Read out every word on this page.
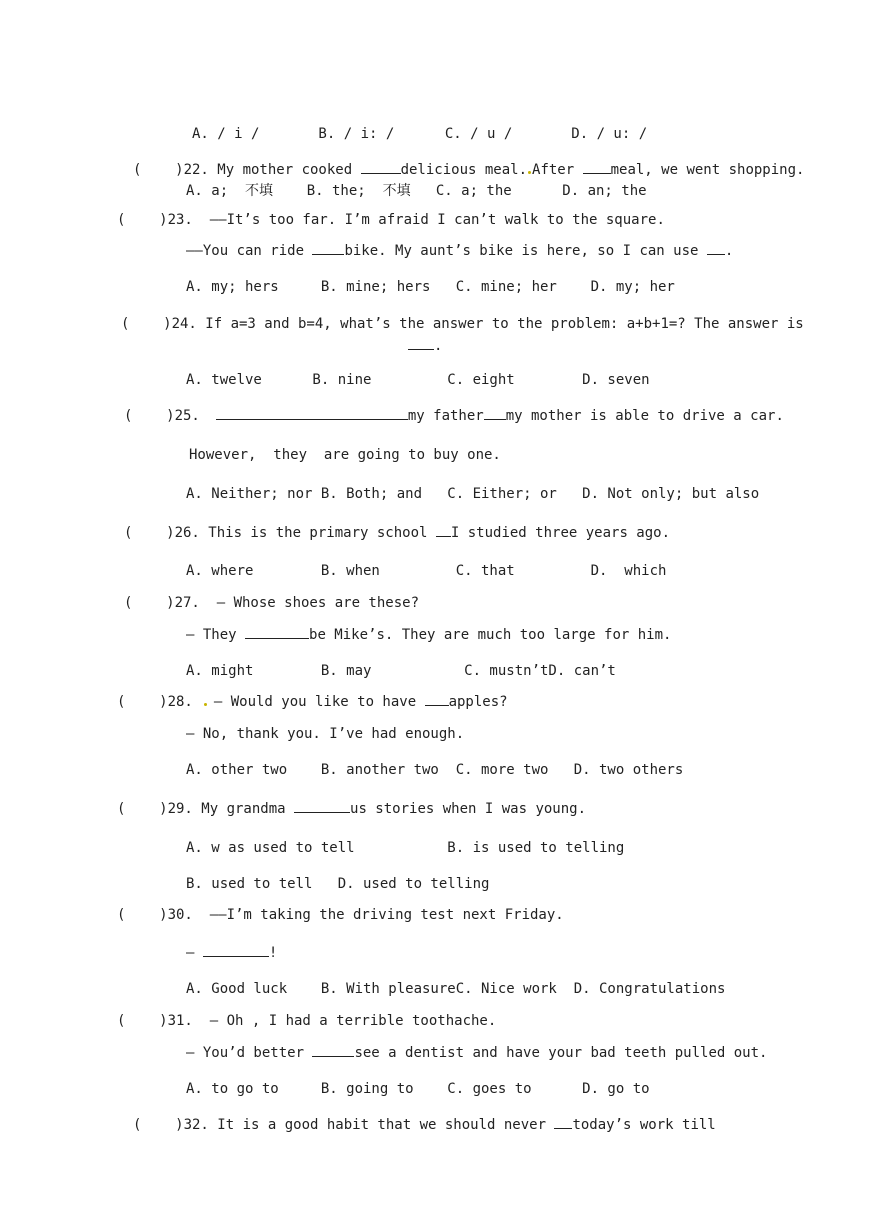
A. / i /       B. / i: /      C. / u /       D. / u: /
(    )22. My mother cooked	delicious meal. After meal, we went shopping.
A. a;  不填    B. the;  不填   C. a; the      D. an; the
(    )23.  ——It’s too far. I’m afraid I can’t walk to the square.
——You can ride bike. My aunt’s bike is here, so I can use .
A. my; hers     B. mine; hers   C. mine; her    D. my; her
(    )24. If a=3 and b=4, what’s the answer to the problem: a+b+1=? The answer is
.
A. twelve      B. nine         C. eight        D. seven
(    )25.	my father my mother is able to drive a car.
However,  they  are going to buy one.
A. Neither; nor B. Both; and   C. Either; or   D. Not only; but also
(    )26. This is the primary school I studied three years ago.
A. where        B. when         C. that         D.  which
(    )27.  — Whose shoes are these?
— They	be Mike’s. They are much too large for him.
A. might        B. may           C. mustn’tD. can’t
(    )28. — Would you like to have apples?
— No, thank you. I’ve had enough.
A. other two    B. another two  C. more two   D. two others
(    )29. My grandma	us stories when I was young.
A. w as used to tell           B. is used to telling
B. used to tell   D. used to telling
(    )30.  ——I’m taking the driving test next Friday.
—	!
A. Good luck    B. With pleasureC. Nice work  D. Congratulations
(    )31.  — Oh , I had a terrible toothache.
— You’d better	see a dentist and have your bad teeth pulled out.
A. to go to     B. going to    C. goes to      D. go to
(    )32. It is a good habit that we should never today’s work till
